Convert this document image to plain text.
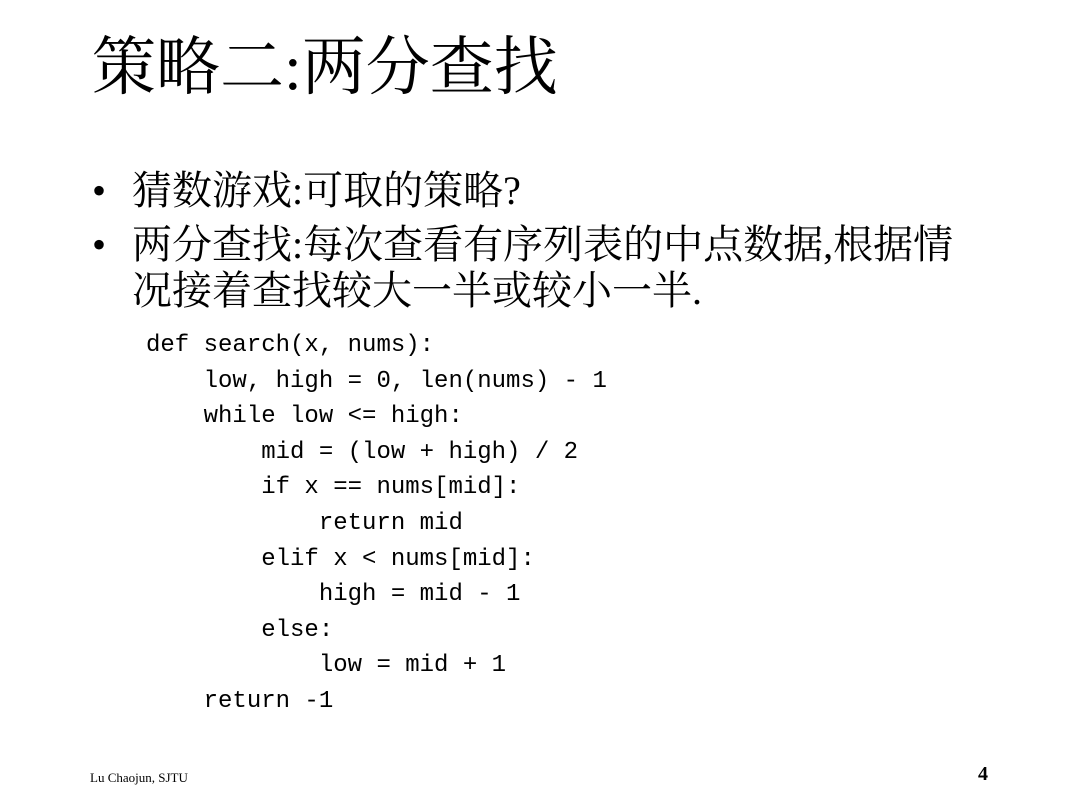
策略二:两分查找
• 猜数游戏:可取的策略?
• 两分查找:每次查看有序列表的中点数据,根据情况接着查找较大一半或较小一半.
def search(x, nums):
low, high = 0, len(nums) - 1
while low <= high:
mid = (low + high) / 2
if x == nums[mid]:
return mid
elif x < nums[mid]:
high = mid - 1
else:
low = mid + 1
return -1
Lu Chaojun, SJTU	4
